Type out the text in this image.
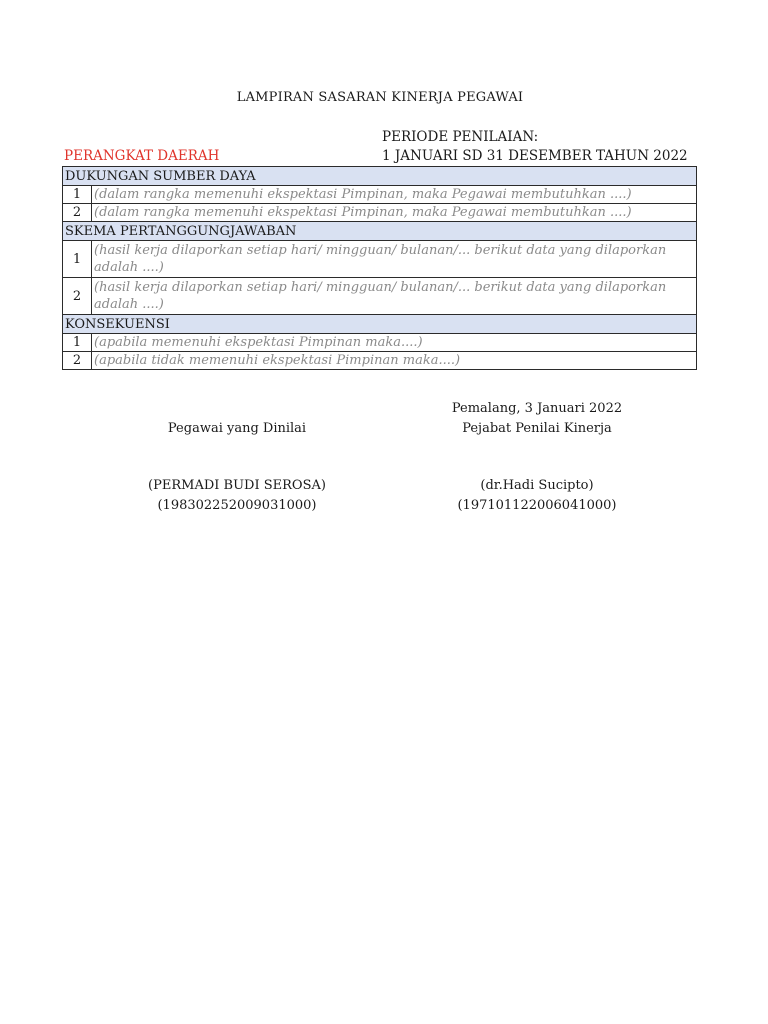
LAMPIRAN SASARAN KINERJA PEGAWAI
PERIODE PENILAIAN:
PERANGKAT DAERAH	1 JANUARI SD 31 DESEMBER TAHUN 2022
DUKUNGAN SUMBER DAYA	
1	(dalam rangka memenuhi ekspektasi Pimpinan, maka Pegawai membutuhkan ....)
2	(dalam rangka memenuhi ekspektasi Pimpinan, maka Pegawai membutuhkan ....)
SKEMA PERTANGGUNGJAWABAN	
1	(hasil kerja dilaporkan setiap hari/ mingguan/ bulanan/... berikut data yang dilaporkan adalah ....)
2	(hasil kerja dilaporkan setiap hari/ mingguan/ bulanan/... berikut data yang dilaporkan adalah ....)
KONSEKUENSI	
1	(apabila memenuhi ekspektasi Pimpinan maka....)
2	(apabila tidak memenuhi ekspektasi Pimpinan maka....)
Pemalang, 3 Januari 2022
Pegawai yang Dinilai	Pejabat Penilai Kinerja
(PERMADI BUDI SEROSA)
(198302252009031000)
(dr.Hadi Sucipto)
(197101122006041000)
